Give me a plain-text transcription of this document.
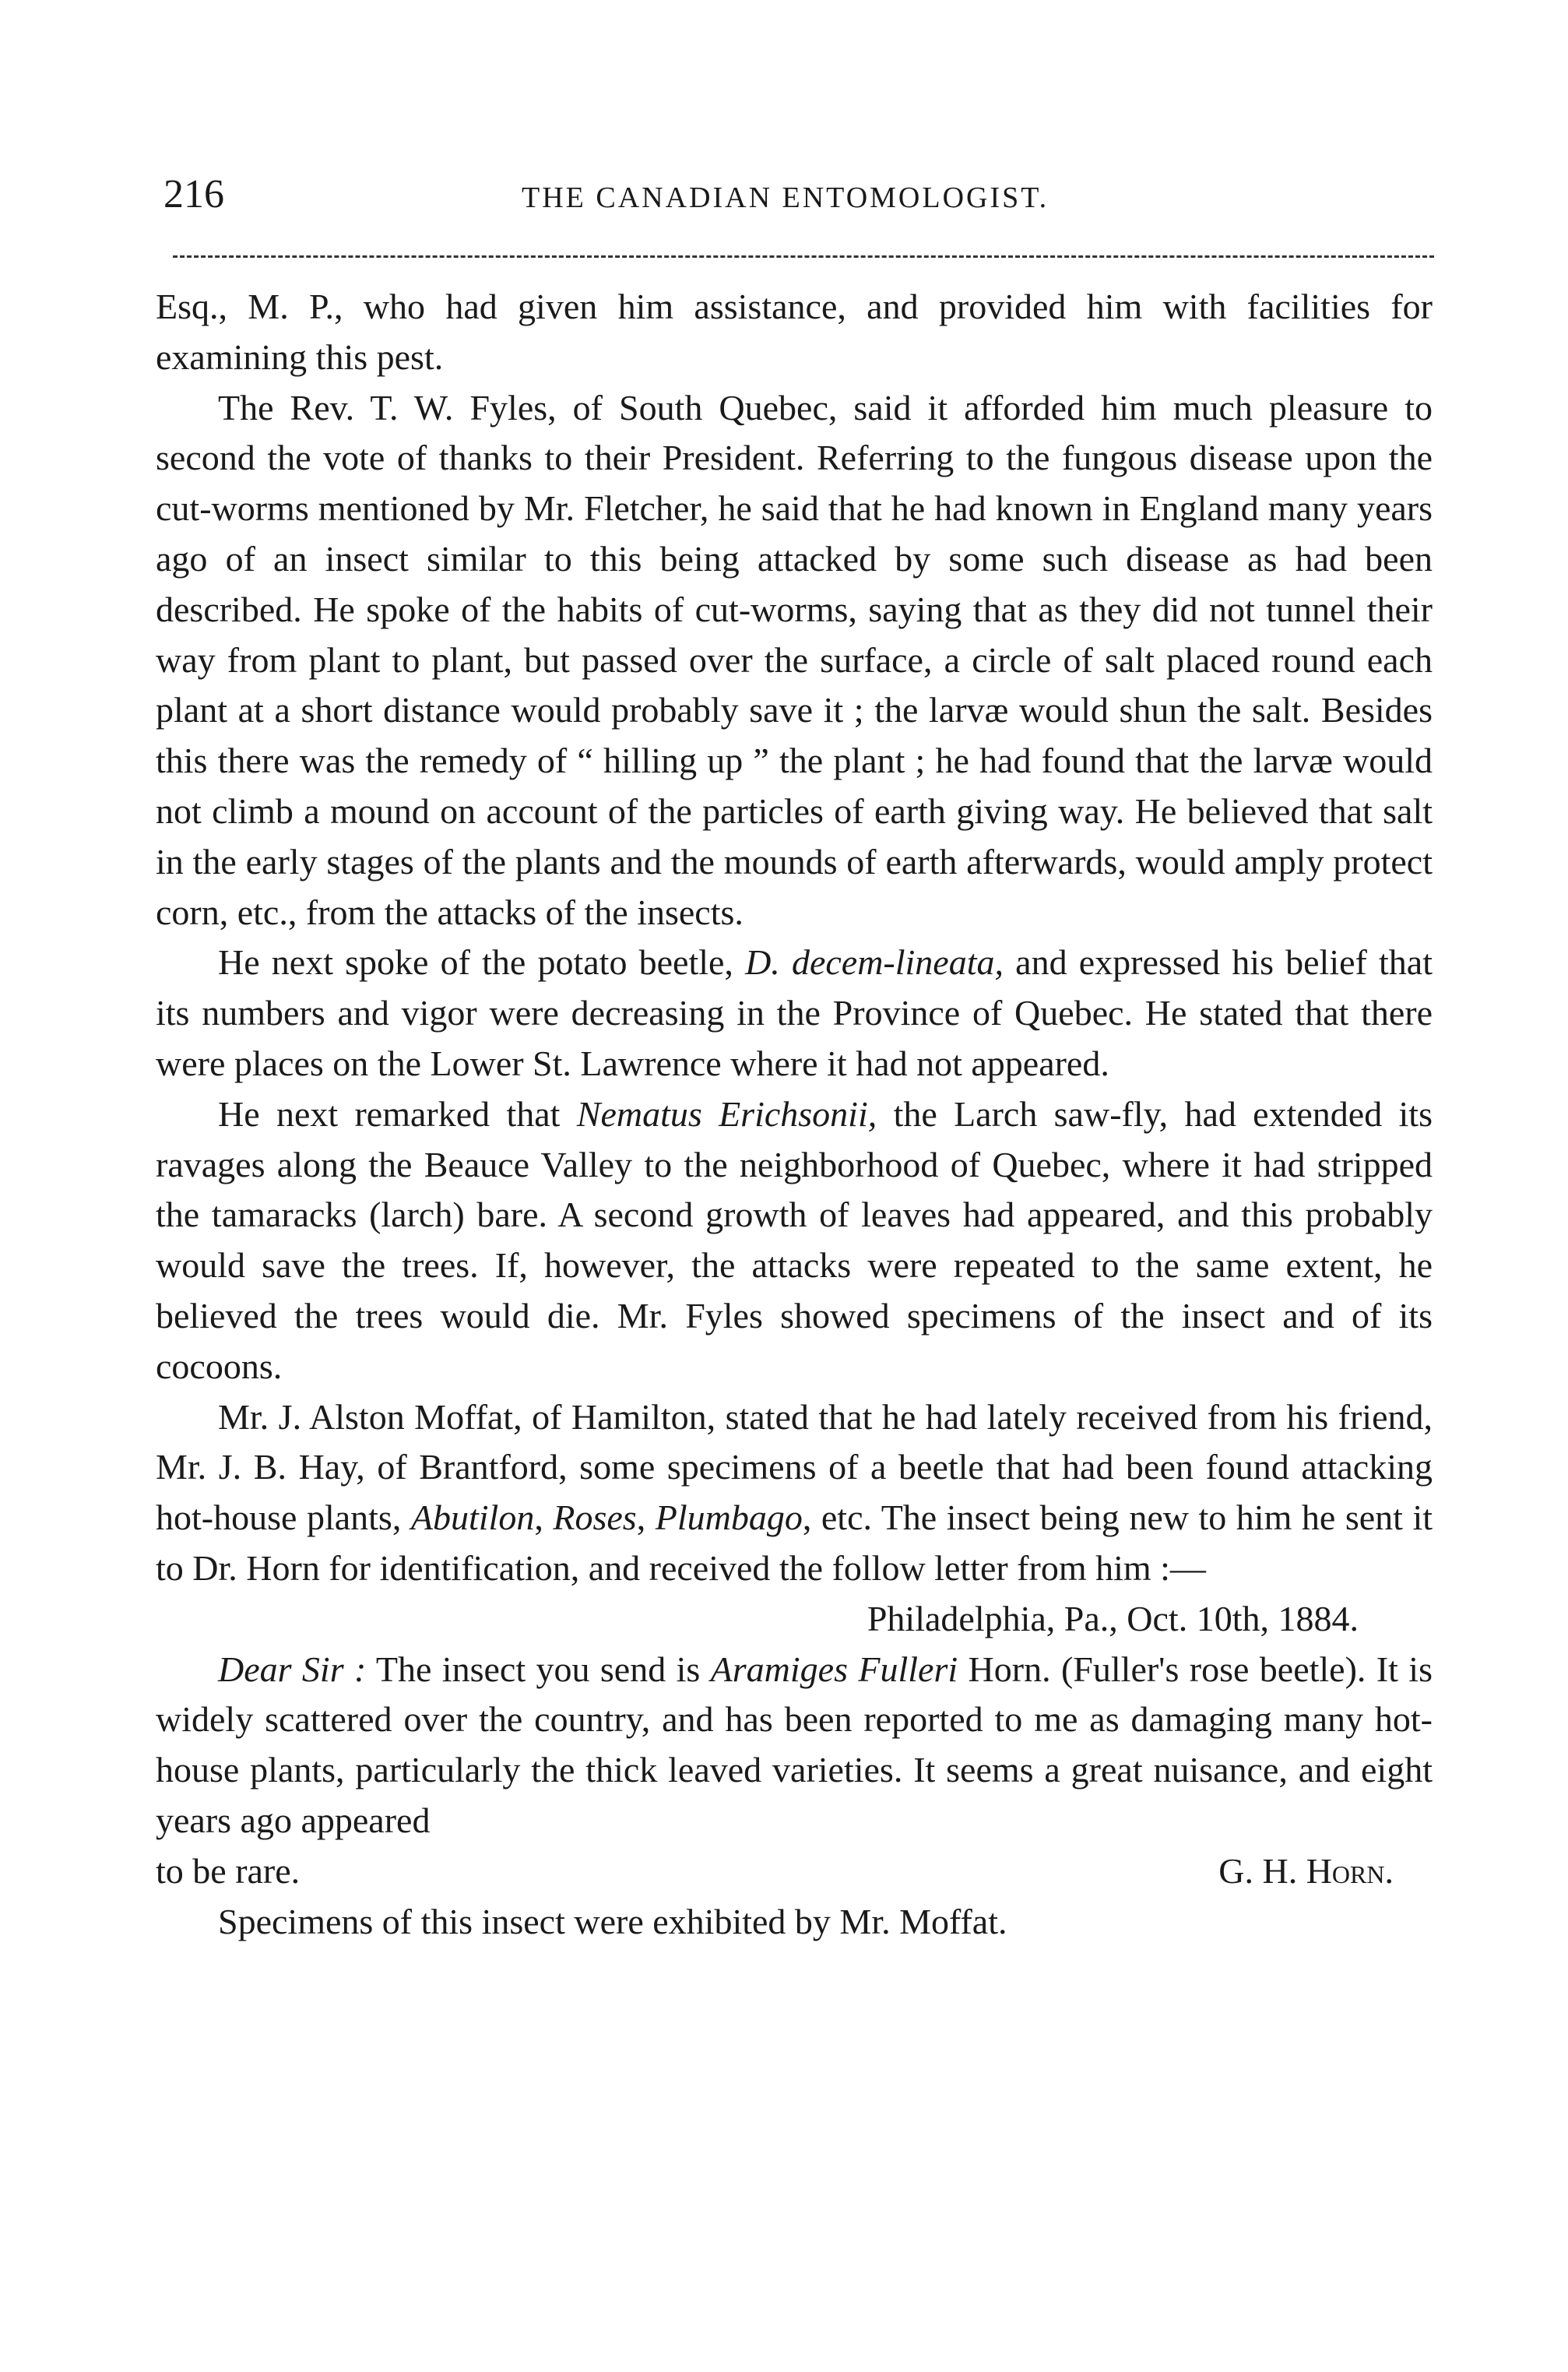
216	THE CANADIAN ENTOMOLOGIST.

Esq., M. P., who had given him assistance, and provided him with facilities for examining this pest.

The Rev. T. W. Fyles, of South Quebec, said it afforded him much pleasure to second the vote of thanks to their President. Referring to the fungous disease upon the cut-worms mentioned by Mr. Fletcher, he said that he had known in England many years ago of an insect similar to this being attacked by some such disease as had been described. He spoke of the habits of cut-worms, saying that as they did not tunnel their way from plant to plant, but passed over the surface, a circle of salt placed round each plant at a short distance would probably save it ; the larvæ would shun the salt. Besides this there was the remedy of “ hilling up ” the plant ; he had found that the larvæ would not climb a mound on account of the particles of earth giving way. He believed that salt in the early stages of the plants and the mounds of earth afterwards, would amply protect corn, etc., from the attacks of the insects.

He next spoke of the potato beetle, D. decem-lineata, and expressed his belief that its numbers and vigor were decreasing in the Province of Quebec. He stated that there were places on the Lower St. Lawrence where it had not appeared.

He next remarked that Nematus Erichsonii, the Larch saw-fly, had extended its ravages along the Beauce Valley to the neighborhood of Quebec, where it had stripped the tamaracks (larch) bare. A second growth of leaves had appeared, and this probably would save the trees. If, however, the attacks were repeated to the same extent, he believed the trees would die. Mr. Fyles showed specimens of the insect and of its cocoons.

Mr. J. Alston Moffat, of Hamilton, stated that he had lately received from his friend, Mr. J. B. Hay, of Brantford, some specimens of a beetle that had been found attacking hot-house plants, Abutilon, Roses, Plumbago, etc. The insect being new to him he sent it to Dr. Horn for identification, and received the follow letter from him :—

Philadelphia, Pa., Oct. 10th, 1884.

Dear Sir : The insect you send is Aramiges Fulleri Horn. (Fuller's rose beetle). It is widely scattered over the country, and has been reported to me as damaging many hot-house plants, particularly the thick leaved varieties. It seems a great nuisance, and eight years ago appeared

to be rare.	G. H. Horn.

Specimens of this insect were exhibited by Mr. Moffat.
